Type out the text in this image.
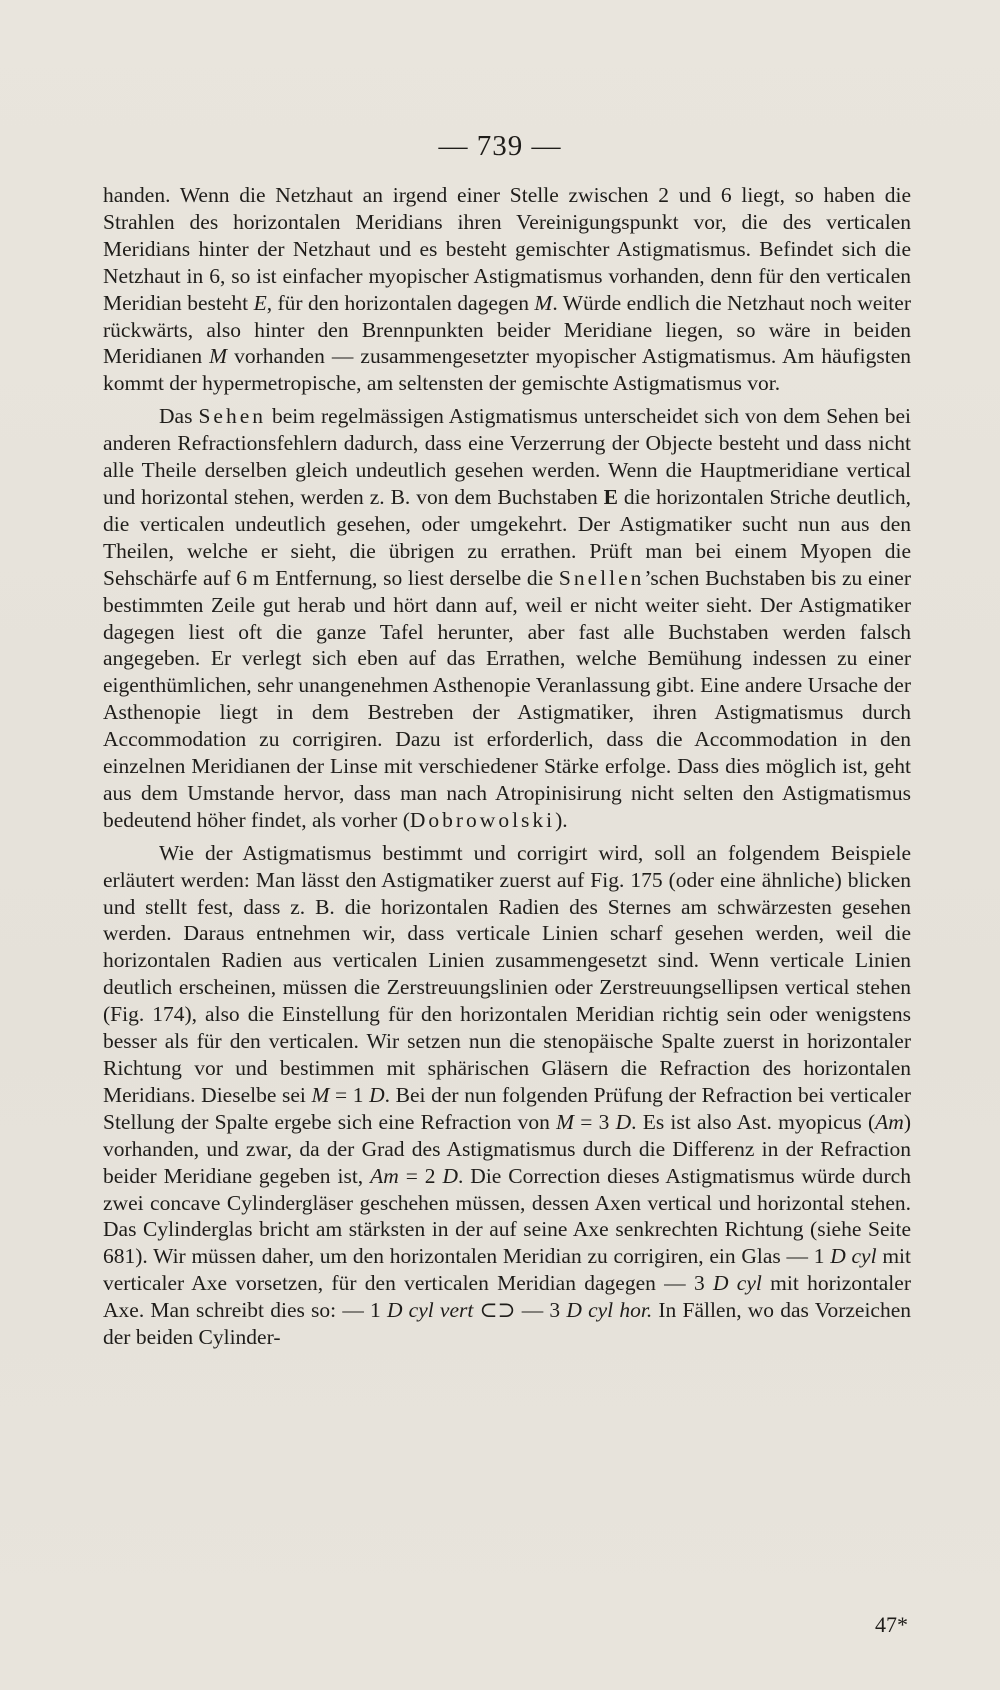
— 739 —

handen. Wenn die Netzhaut an irgend einer Stelle zwischen 2 und 6 liegt, so haben die Strahlen des horizontalen Meridians ihren Vereinigungspunkt vor, die des verticalen Meridians hinter der Netzhaut und es besteht gemischter Astigmatismus. Befindet sich die Netzhaut in 6, so ist einfacher myopischer Astigmatismus vorhanden, denn für den verticalen Meridian besteht E, für den horizontalen dagegen M. Würde endlich die Netzhaut noch weiter rückwärts, also hinter den Brennpunkten beider Meridiane liegen, so wäre in beiden Meridianen M vorhanden — zusammengesetzter myopischer Astigmatismus. Am häufigsten kommt der hypermetropische, am seltensten der gemischte Astigmatismus vor.

Das Sehen beim regelmässigen Astigmatismus unterscheidet sich von dem Sehen bei anderen Refractionsfehlern dadurch, dass eine Verzerrung der Objecte besteht und dass nicht alle Theile derselben gleich undeutlich gesehen werden. Wenn die Hauptmeridiane vertical und horizontal stehen, werden z. B. von dem Buchstaben E die horizontalen Striche deutlich, die verticalen undeutlich gesehen, oder umgekehrt. Der Astigmatiker sucht nun aus den Theilen, welche er sieht, die übrigen zu errathen. Prüft man bei einem Myopen die Sehschärfe auf 6 m Entfernung, so liest derselbe die Snellen’schen Buchstaben bis zu einer bestimmten Zeile gut herab und hört dann auf, weil er nicht weiter sieht. Der Astigmatiker dagegen liest oft die ganze Tafel herunter, aber fast alle Buchstaben werden falsch angegeben. Er verlegt sich eben auf das Errathen, welche Bemühung indessen zu einer eigenthümlichen, sehr unangenehmen Asthenopie Veranlassung gibt. Eine andere Ursache der Asthenopie liegt in dem Bestreben der Astigmatiker, ihren Astigmatismus durch Accommodation zu corrigiren. Dazu ist erforderlich, dass die Accommodation in den einzelnen Meridianen der Linse mit verschiedener Stärke erfolge. Dass dies möglich ist, geht aus dem Umstande hervor, dass man nach Atropinisirung nicht selten den Astigmatismus bedeutend höher findet, als vorher (Dobrowolski).

Wie der Astigmatismus bestimmt und corrigirt wird, soll an folgendem Beispiele erläutert werden: Man lässt den Astigmatiker zuerst auf Fig. 175 (oder eine ähnliche) blicken und stellt fest, dass z. B. die horizontalen Radien des Sternes am schwärzesten gesehen werden. Daraus entnehmen wir, dass verticale Linien scharf gesehen werden, weil die horizontalen Radien aus verticalen Linien zusammengesetzt sind. Wenn verticale Linien deutlich erscheinen, müssen die Zerstreuungslinien oder Zerstreuungsellipsen vertical stehen (Fig. 174), also die Einstellung für den horizontalen Meridian richtig sein oder wenigstens besser als für den verticalen. Wir setzen nun die stenopäische Spalte zuerst in horizontaler Richtung vor und bestimmen mit sphärischen Gläsern die Refraction des horizontalen Meridians. Dieselbe sei M = 1 D. Bei der nun folgenden Prüfung der Refraction bei verticaler Stellung der Spalte ergebe sich eine Refraction von M = 3 D. Es ist also Ast. myopicus (Am) vorhanden, und zwar, da der Grad des Astigmatismus durch die Differenz in der Refraction beider Meridiane gegeben ist, Am = 2 D. Die Correction dieses Astigmatismus würde durch zwei concave Cylindergläser geschehen müssen, dessen Axen vertical und horizontal stehen. Das Cylinderglas bricht am stärksten in der auf seine Axe senkrechten Richtung (siehe Seite 681). Wir müssen daher, um den horizontalen Meridian zu corrigiren, ein Glas — 1 D cyl mit verticaler Axe vorsetzen, für den verticalen Meridian dagegen — 3 D cyl mit horizontaler Axe. Man schreibt dies so: — 1 D cyl vert ⊂⊃ — 3 D cyl hor. In Fällen, wo das Vorzeichen der beiden Cylinder-

47*
